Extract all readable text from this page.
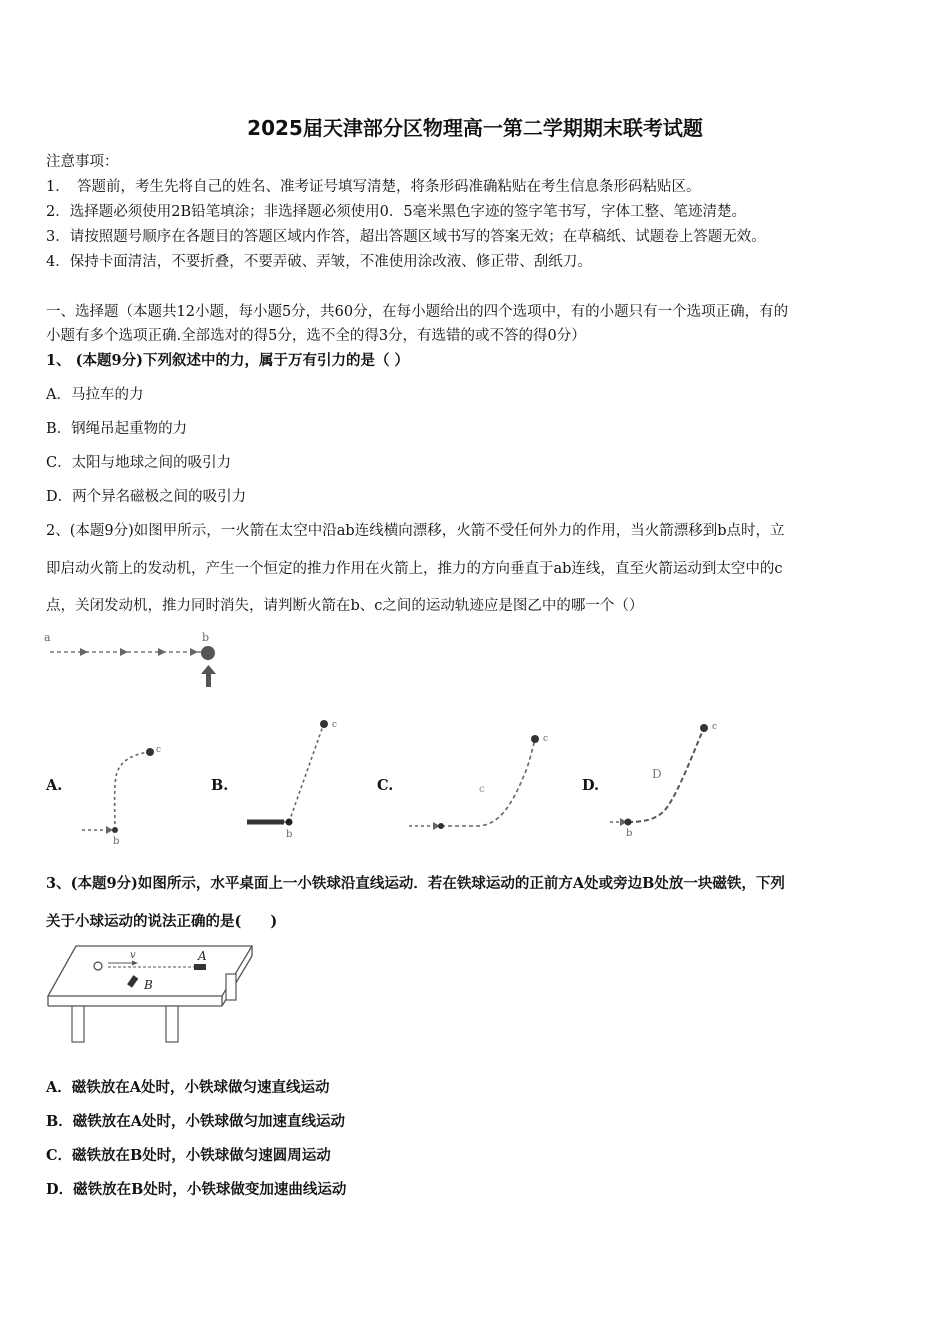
2025届天津部分区物理高一第二学期期末联考试题
注意事项：
1．　答题前，考生先将自己的姓名、准考证号填写清楚，将条形码准确粘贴在考生信息条形码粘贴区。
2．选择题必须使用2B铅笔填涂；非选择题必须使用0．5毫米黑色字迹的签字笔书写，字体工整、笔迹清楚。
3．请按照题号顺序在各题目的答题区域内作答，超出答题区域书写的答案无效；在草稿纸、试题卷上答题无效。
4．保持卡面清洁，不要折叠，不要弄破、弄皱，不准使用涂改液、修正带、刮纸刀。
一、选择题（本题共12小题，每小题5分，共60分，在每小题给出的四个选项中，有的小题只有一个选项正确，有的
小题有多个选项正确.全部选对的得5分，选不全的得3分，有选错的或不答的得0分）
1、 (本题9分)下列叙述中的力，属于万有引力的是（ ）
A．马拉车的力
B．钢绳吊起重物的力
C．太阳与地球之间的吸引力
D．两个异名磁极之间的吸引力
2、(本题9分)如图甲所示，一火箭在太空中沿ab连线横向漂移，火箭不受任何外力的作用，当火箭漂移到b点时，立
即启动火箭上的发动机，产生一个恒定的推力作用在火箭上，推力的方向垂直于ab连线，直至火箭运动到太空中的c
点，关闭发动机，推力同时消失，请判断火箭在b、c之间的运动轨迹应是图乙中的哪一个（）
a	b
A.
b
c
B.
b
c
C.	c
c
D.
D
b
c
3、(本题9分)如图所示，水平桌面上一小铁球沿直线运动．若在铁球运动的正前方A处或旁边B处放一块磁铁，下列
关于小球运动的说法正确的是(　　)
v	A
B
A．磁铁放在A处时，小铁球做匀速直线运动
B．磁铁放在A处时，小铁球做匀加速直线运动
C．磁铁放在B处时，小铁球做匀速圆周运动
D．磁铁放在B处时，小铁球做变加速曲线运动
